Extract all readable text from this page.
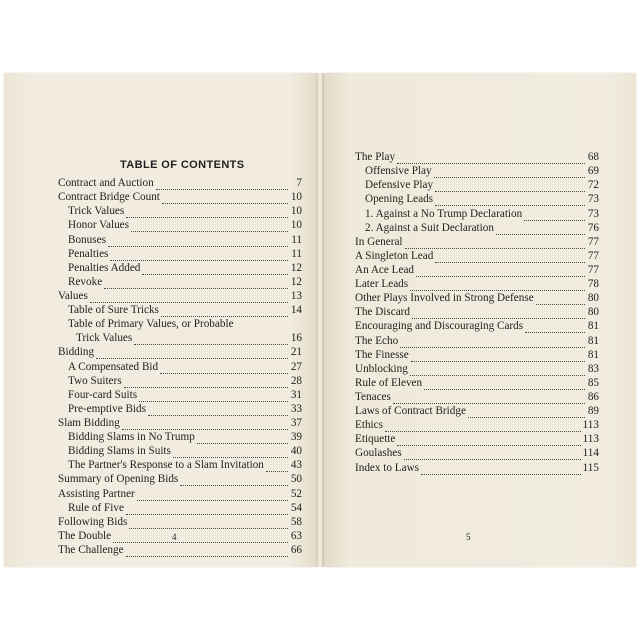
TABLE OF CONTENTS
Contract and Auction	7
Contract Bridge Count	10
Trick Values	10
Honor Values	10
Bonuses	11
Penalties	11
Penalties Added	12
Revoke	12
Values	13
Table of Sure Tricks	14
Table of Primary Values, or Probable
Trick Values	16
Bidding	21
A Compensated Bid	27
Two Suiters	28
Four-card Suits	31
Pre-emptive Bids	33
Slam Bidding	37
Bidding Slams in No Trump	39
Bidding Slams in Suits	40
The Partner's Response to a Slam Invitation 43
Summary of Opening Bids	50
Assisting Partner	52
Rule of Five	54
Following Bids	58
The Double	63
The Challenge	66
The Play	68
Offensive Play	69
Defensive Play	72
Opening Leads	73
1. Against a No Trump Declaration	73
2. Against a Suit Declaration	76
In General	77
A Singleton Lead	77
An Ace Lead	77
Later Leads	78
Other Plays Involved in Strong Defense	80
The Discard	80
Encouraging and Discouraging Cards	81
The Echo	81
The Finesse	81
Unblocking	83
Rule of Eleven	85
Tenaces	86
Laws of Contract Bridge	89
Ethics	113
Etiquette	113
Goulashes	114
Index to Laws	115
4	5
